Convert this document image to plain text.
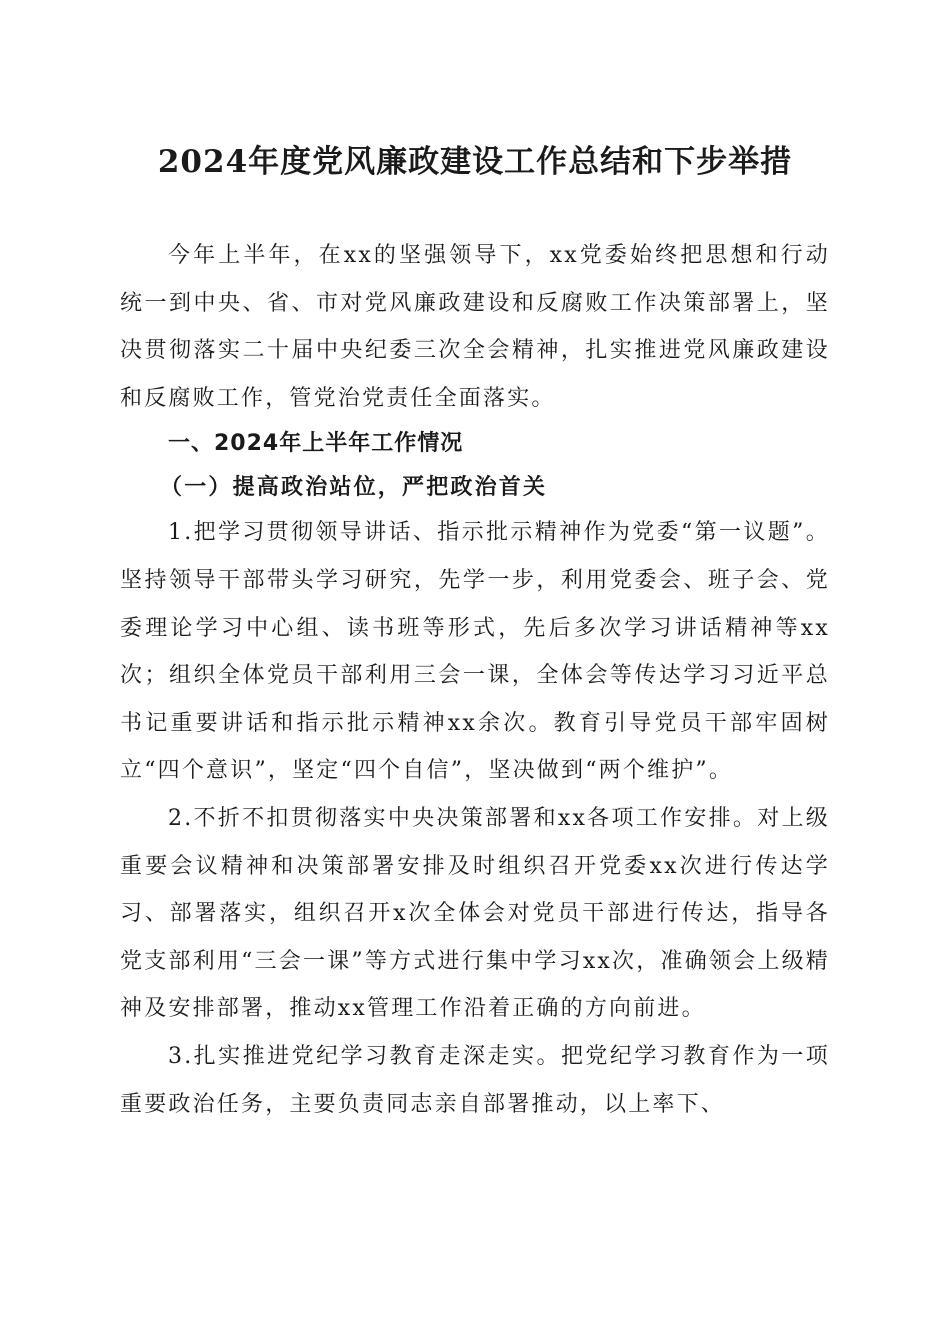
2024年度党风廉政建设工作总结和下步举措

今年上半年，在xx的坚强领导下，xx党委始终把思想和行动统一到中央、省、市对党风廉政建设和反腐败工作决策部署上，坚决贯彻落实二十届中央纪委三次全会精神，扎实推进党风廉政建设和反腐败工作，管党治党责任全面落实。

一、2024年上半年工作情况

（一）提高政治站位，严把政治首关

1.把学习贯彻领导讲话、指示批示精神作为党委“第一议题”。坚持领导干部带头学习研究，先学一步，利用党委会、班子会、党委理论学习中心组、读书班等形式，先后多次学习讲话精神等xx次；组织全体党员干部利用三会一课，全体会等传达学习习近平总书记重要讲话和指示批示精神xx余次。教育引导党员干部牢固树立“四个意识”，坚定“四个自信”，坚决做到“两个维护”。

2.不折不扣贯彻落实中央决策部署和xx各项工作安排。对上级重要会议精神和决策部署安排及时组织召开党委xx次进行传达学习、部署落实，组织召开x次全体会对党员干部进行传达，指导各党支部利用“三会一课”等方式进行集中学习xx次，准确领会上级精神及安排部署，推动xx管理工作沿着正确的方向前进。

3.扎实推进党纪学习教育走深走实。把党纪学习教育作为一项重要政治任务，主要负责同志亲自部署推动，以上率下、
